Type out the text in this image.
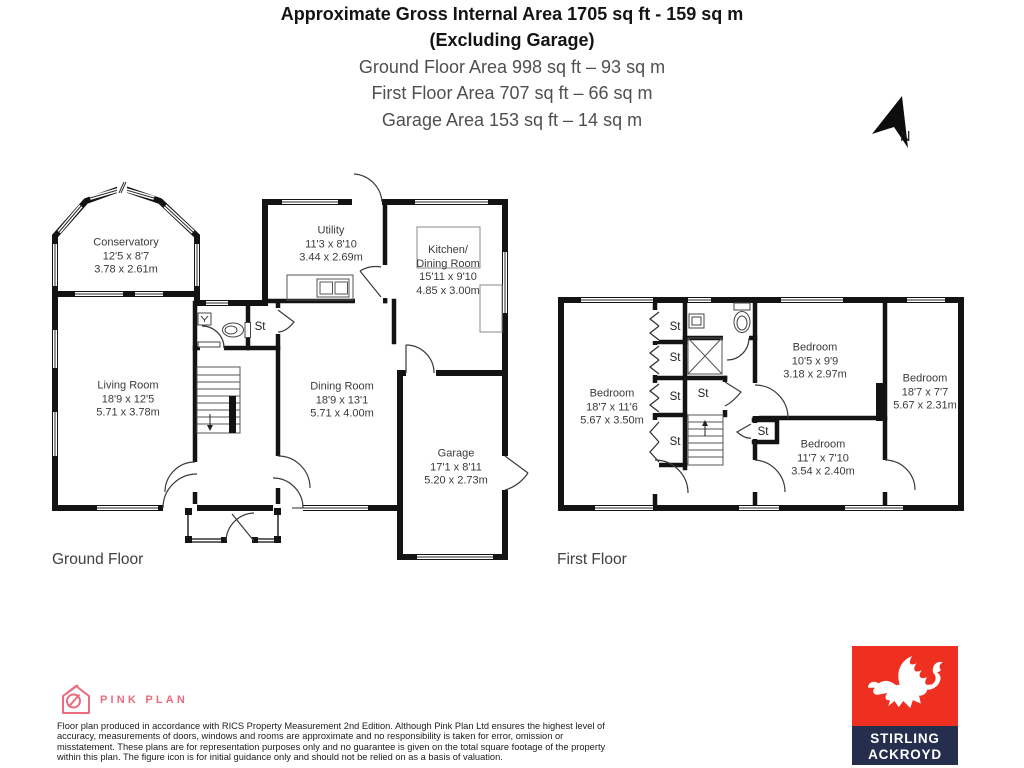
Approximate Gross Internal Area 1705 sq ft - 159 sq m
(Excluding Garage)
Ground Floor Area 998 sq ft – 93 sq m
First Floor Area 707 sq ft – 66 sq m
Garage Area 153 sq ft – 14 sq m
N
Conservatory
12'5 x 8'7
3.78 x 2.61m
Living Room
18'9 x 12'5
5.71 x 3.78m
Utility
11'3 x 8'10
3.44 x 2.69m
Kitchen/
Dining Room
15'11 x 9'10
4.85 x 3.00m
Dining Room
18'9 x 13'1
5.71 x 4.00m
Garage
17'1 x 8'11
5.20 x 2.73m
St
Bedroom
18'7 x 11'6
5.67 x 3.50m
Bedroom
10'5 x 9'9
3.18 x 2.97m	Bedroom
18'7 x 7'7
5.67 x 2.31m
Bedroom
11'7 x 7'10
3.54 x 2.40m
St
St
St
St
St
St
Ground Floor	First Floor
PINK PLAN
Floor plan produced in accordance with RICS Property Measurement 2nd Edition. Although Pink Plan Ltd ensures the highest level of accuracy, measurements of doors, windows and rooms are approximate and no responsibility is taken for error, omission or misstatement. These plans are for representation purposes only and no guarantee is given on the total square footage of the property within this plan. The figure icon is for initial guidance only and should not be relied on as a basis of valuation.
STIRLING
ACKROYD
